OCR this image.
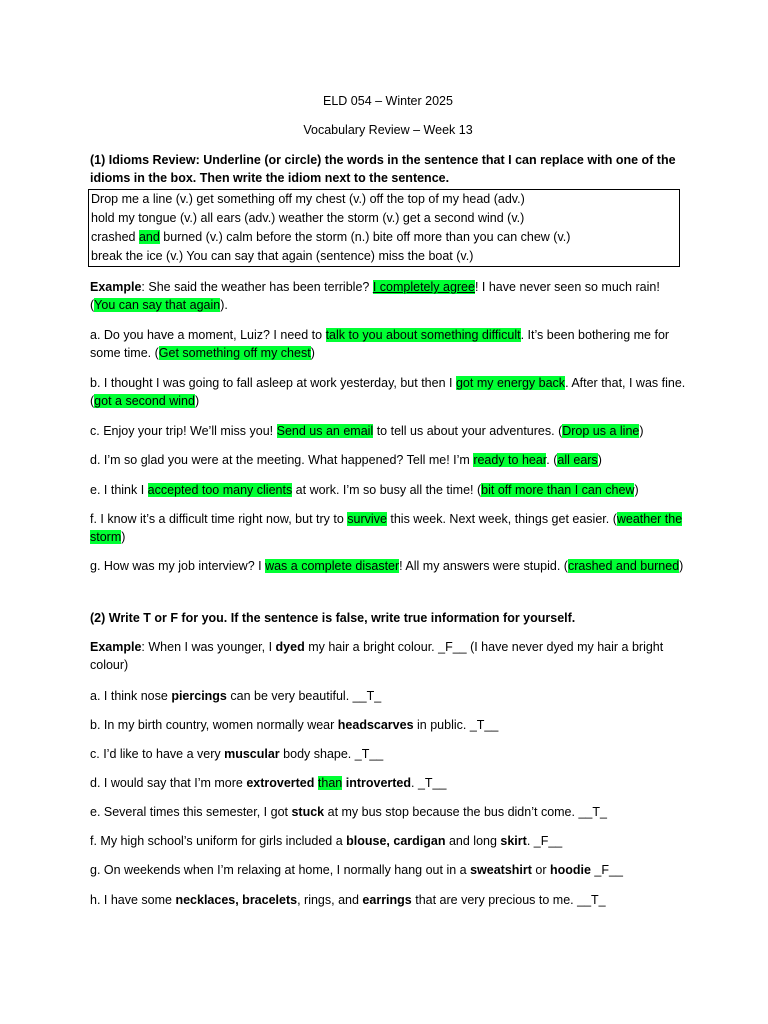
ELD 054 – Winter 2025
Vocabulary Review – Week 13
(1) Idioms Review: Underline (or circle) the words in the sentence that I can replace with one of the idioms in the box. Then write the idiom next to the sentence.
Drop me a line (v.) get something off my chest (v.) off the top of my head (adv.)
hold my tongue (v.) all ears (adv.) weather the storm (v.) get a second wind (v.)
crashed and burned (v.) calm before the storm (n.) bite off more than you can chew (v.)
break the ice (v.) You can say that again (sentence) miss the boat (v.)
Example: She said the weather has been terrible? I completely agree! I have never seen so much rain! (You can say that again).
a. Do you have a moment, Luiz? I need to talk to you about something difficult. It’s been bothering me for some time. (Get something off my chest)
b. I thought I was going to fall asleep at work yesterday, but then I got my energy back. After that, I was fine. (got a second wind)
c. Enjoy your trip! We’ll miss you! Send us an email to tell us about your adventures. (Drop us a line)
d. I’m so glad you were at the meeting. What happened? Tell me! I’m ready to hear. (all ears)
e. I think I accepted too many clients at work. I’m so busy all the time! (bit off more than I can chew)
f. I know it’s a difficult time right now, but try to survive this week. Next week, things get easier. (weather the storm)
g. How was my job interview? I was a complete disaster! All my answers were stupid. (crashed and burned)
(2) Write T or F for you. If the sentence is false, write true information for yourself.
Example: When I was younger, I dyed my hair a bright colour. _F__ (I have never dyed my hair a bright colour)
a. I think nose piercings can be very beautiful. __T_
b. In my birth country, women normally wear headscarves in public. _T__
c. I’d like to have a very muscular body shape. _T__
d. I would say that I’m more extroverted than introverted. _T__
e. Several times this semester, I got stuck at my bus stop because the bus didn’t come. __T_
f. My high school’s uniform for girls included a blouse, cardigan and long skirt. _F__
g. On weekends when I’m relaxing at home, I normally hang out in a sweatshirt or hoodie _F__
h. I have some necklaces, bracelets, rings, and earrings that are very precious to me. __T_
